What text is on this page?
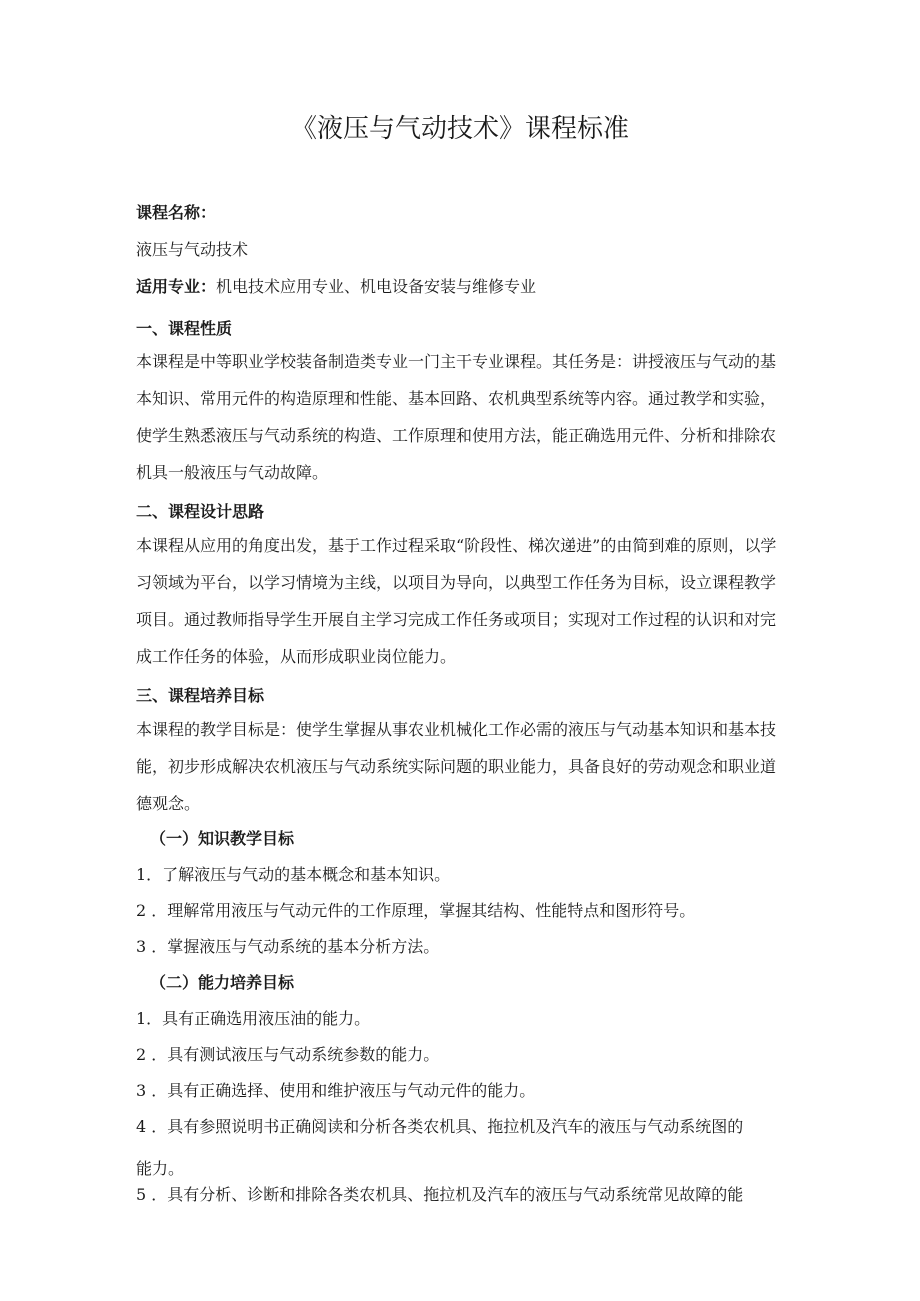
《液压与气动技术》课程标准

课程名称：

液压与气动技术

适用专业：机电技术应用专业、机电设备安装与维修专业

一、课程性质

本课程是中等职业学校装备制造类专业一门主干专业课程。其任务是：讲授液压与气动的基本知识、常用元件的构造原理和性能、基本回路、农机典型系统等内容。通过教学和实验，使学生熟悉液压与气动系统的构造、工作原理和使用方法，能正确选用元件、分析和排除农机具一般液压与气动故障。

二、课程设计思路

本课程从应用的角度出发，基于工作过程采取“阶段性、梯次递进”的由简到难的原则，以学习领域为平台，以学习情境为主线，以项目为导向，以典型工作任务为目标，设立课程教学项目。通过教师指导学生开展自主学习完成工作任务或项目；实现对工作过程的认识和对完成工作任务的体验，从而形成职业岗位能力。

三、课程培养目标

本课程的教学目标是：使学生掌握从事农业机械化工作必需的液压与气动基本知识和基本技能，初步形成解决农机液压与气动系统实际问题的职业能力，具备良好的劳动观念和职业道德观念。

（一）知识教学目标

1．了解液压与气动的基本概念和基本知识。

2 ．理解常用液压与气动元件的工作原理，掌握其结构、性能特点和图形符号。

3 ．掌握液压与气动系统的基本分析方法。

（二）能力培养目标

1．具有正确选用液压油的能力。

2 ．具有测试液压与气动系统参数的能力。

3 ．具有正确选择、使用和维护液压与气动元件的能力。

4 ．具有参照说明书正确阅读和分析各类农机具、拖拉机及汽车的液压与气动系统图的

能力。

5 ．具有分析、诊断和排除各类农机具、拖拉机及汽车的液压与气动系统常见故障的能
